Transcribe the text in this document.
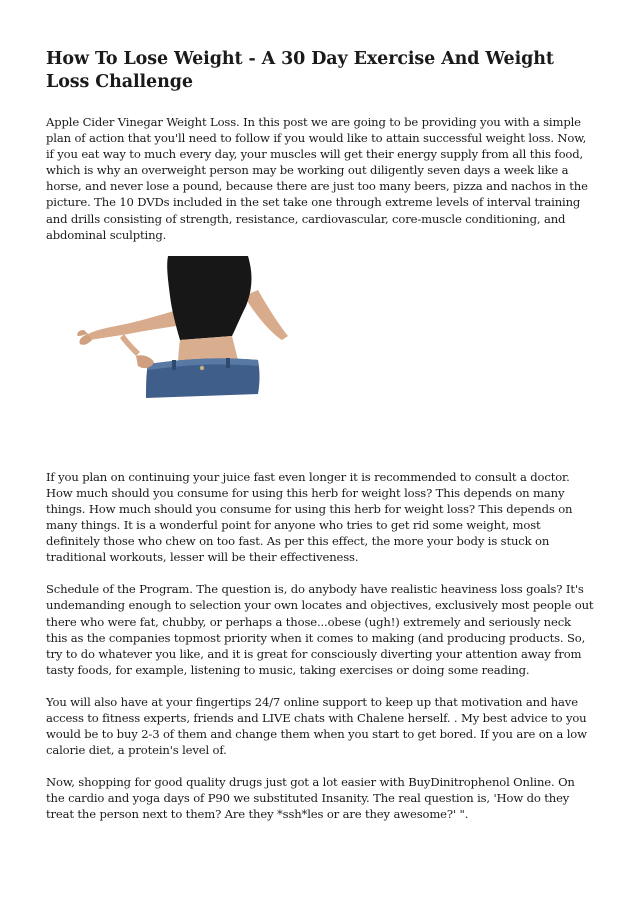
How To Lose Weight - A 30 Day Exercise And Weight Loss Challenge

Apple Cider Vinegar Weight Loss. In this post we are going to be providing you with a simple plan of action that you'll need to follow if you would like to attain successful weight loss. Now, if you eat way to much every day, your muscles will get their energy supply from all this food, which is why an overweight person may be working out diligently seven days a week like a horse, and never lose a pound, because there are just too many beers, pizza and nachos in the picture. The 10 DVDs included in the set take one through extreme levels of interval training and drills consisting of strength, resistance, cardiovascular, core-muscle conditioning, and abdominal sculpting.

If you plan on continuing your juice fast even longer it is recommended to consult a doctor. How much should you consume for using this herb for weight loss? This depends on many things. How much should you consume for using this herb for weight loss? This depends on many things. It is a wonderful point for anyone who tries to get rid some weight, most definitely those who chew on too fast. As per this effect, the more your body is stuck on traditional workouts, lesser will be their effectiveness.

Schedule of the Program. The question is, do anybody have realistic heaviness loss goals? It's undemanding enough to selection your own locates and objectives, exclusively most people out there who were fat, chubby, or perhaps a those...obese (ugh!) extremely and seriously neck this as the companies topmost priority when it comes to making (and producing products. So, try to do whatever you like, and it is great for consciously diverting your attention away from tasty foods, for example, listening to music, taking exercises or doing some reading.

You will also have at your fingertips 24/7 online support to keep up that motivation and have access to fitness experts, friends and LIVE chats with Chalene herself. . My best advice to you would be to buy 2-3 of them and change them when you start to get bored. If you are on a low calorie diet, a protein's level of.

Now, shopping for good quality drugs just got a lot easier with BuyDinitrophenol Online. On the cardio and yoga days of P90 we substituted Insanity. The real question is, 'How do they treat the person next to them? Are they *ssh*les or are they awesome?' ".
